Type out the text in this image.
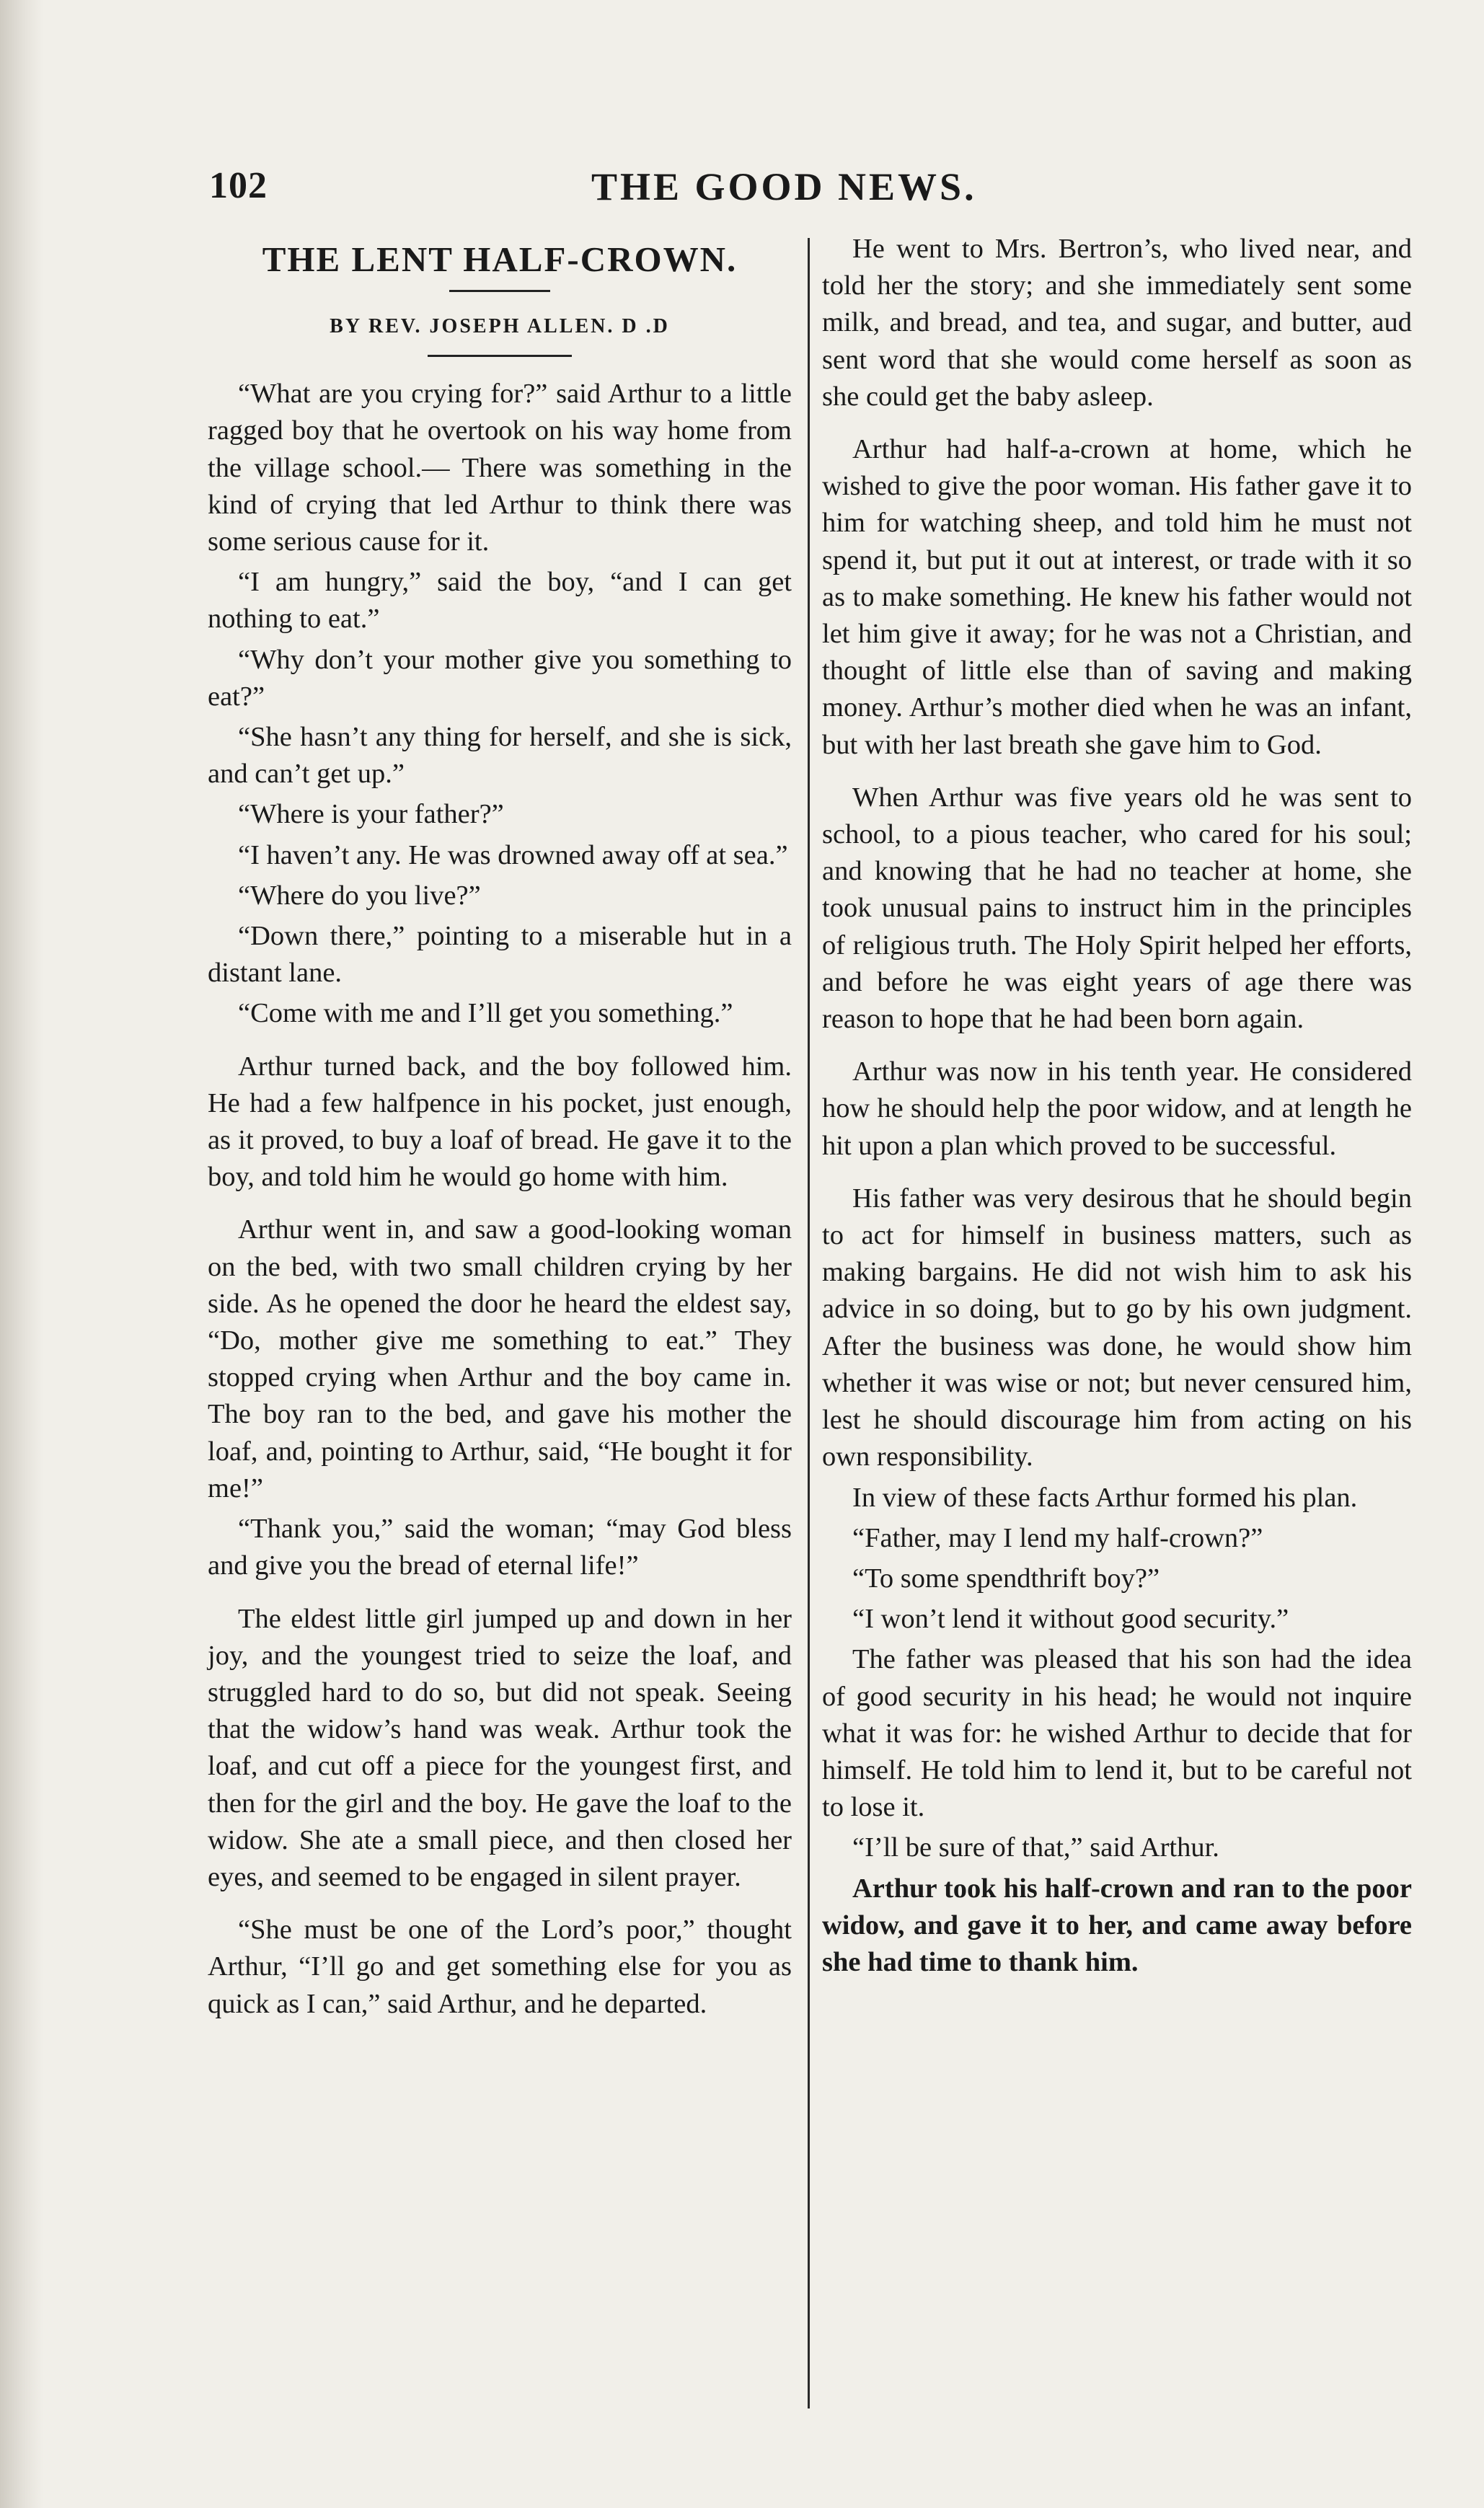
102	THE GOOD NEWS.
THE LENT HALF-CROWN.
BY REV. JOSEPH ALLEN. D .D

“What are you crying for?” said Arthur to a little ragged boy that he overtook on his way home from the village school.— There was something in the kind of crying that led Arthur to think there was some serious cause for it.

“I am hungry,” said the boy, “and I can get nothing to eat.”

“Why don’t your mother give you something to eat?”

“She hasn’t any thing for herself, and she is sick, and can’t get up.”

“Where is your father?”

“I haven’t any. He was drowned away off at sea.”

“Where do you live?”

“Down there,” pointing to a miserable hut in a distant lane.

“Come with me and I’ll get you something.”

Arthur turned back, and the boy followed him. He had a few halfpence in his pocket, just enough, as it proved, to buy a loaf of bread. He gave it to the boy, and told him he would go home with him.

Arthur went in, and saw a good-looking woman on the bed, with two small children crying by her side. As he opened the door he heard the eldest say, “Do, mother give me something to eat.” They stopped crying when Arthur and the boy came in. The boy ran to the bed, and gave his mother the loaf, and, pointing to Arthur, said, “He bought it for me!”

“Thank you,” said the woman; “may God bless and give you the bread of eternal life!”

The eldest little girl jumped up and down in her joy, and the youngest tried to seize the loaf, and struggled hard to do so, but did not speak. Seeing that the widow’s hand was weak. Arthur took the loaf, and cut off a piece for the youngest first, and then for the girl and the boy. He gave the loaf to the widow. She ate a small piece, and then closed her eyes, and seemed to be engaged in silent prayer.

“She must be one of the Lord’s poor,” thought Arthur, “I’ll go and get something else for you as quick as I can,” said Arthur, and he departed.

He went to Mrs. Bertron’s, who lived near, and told her the story; and she immediately sent some milk, and bread, and tea, and sugar, and butter, aud sent word that she would come herself as soon as she could get the baby asleep.

Arthur had half-a-crown at home, which he wished to give the poor woman. His father gave it to him for watching sheep, and told him he must not spend it, but put it out at interest, or trade with it so as to make something. He knew his father would not let him give it away; for he was not a Christian, and thought of little else than of saving and making money. Arthur’s mother died when he was an infant, but with her last breath she gave him to God.

When Arthur was five years old he was sent to school, to a pious teacher, who cared for his soul; and knowing that he had no teacher at home, she took unusual pains to instruct him in the principles of religious truth. The Holy Spirit helped her efforts, and before he was eight years of age there was reason to hope that he had been born again.

Arthur was now in his tenth year. He considered how he should help the poor widow, and at length he hit upon a plan which proved to be successful.

His father was very desirous that he should begin to act for himself in business matters, such as making bargains. He did not wish him to ask his advice in so doing, but to go by his own judgment. After the business was done, he would show him whether it was wise or not; but never censured him, lest he should discourage him from acting on his own responsibility.

In view of these facts Arthur formed his plan.

“Father, may I lend my half-crown?”

“To some spendthrift boy?”

“I won’t lend it without good security.”

The father was pleased that his son had the idea of good security in his head; he would not inquire what it was for: he wished Arthur to decide that for himself. He told him to lend it, but to be careful not to lose it.

“I’ll be sure of that,” said Arthur.

Arthur took his half-crown and ran to the poor widow, and gave it to her, and came away before she had time to thank him.
